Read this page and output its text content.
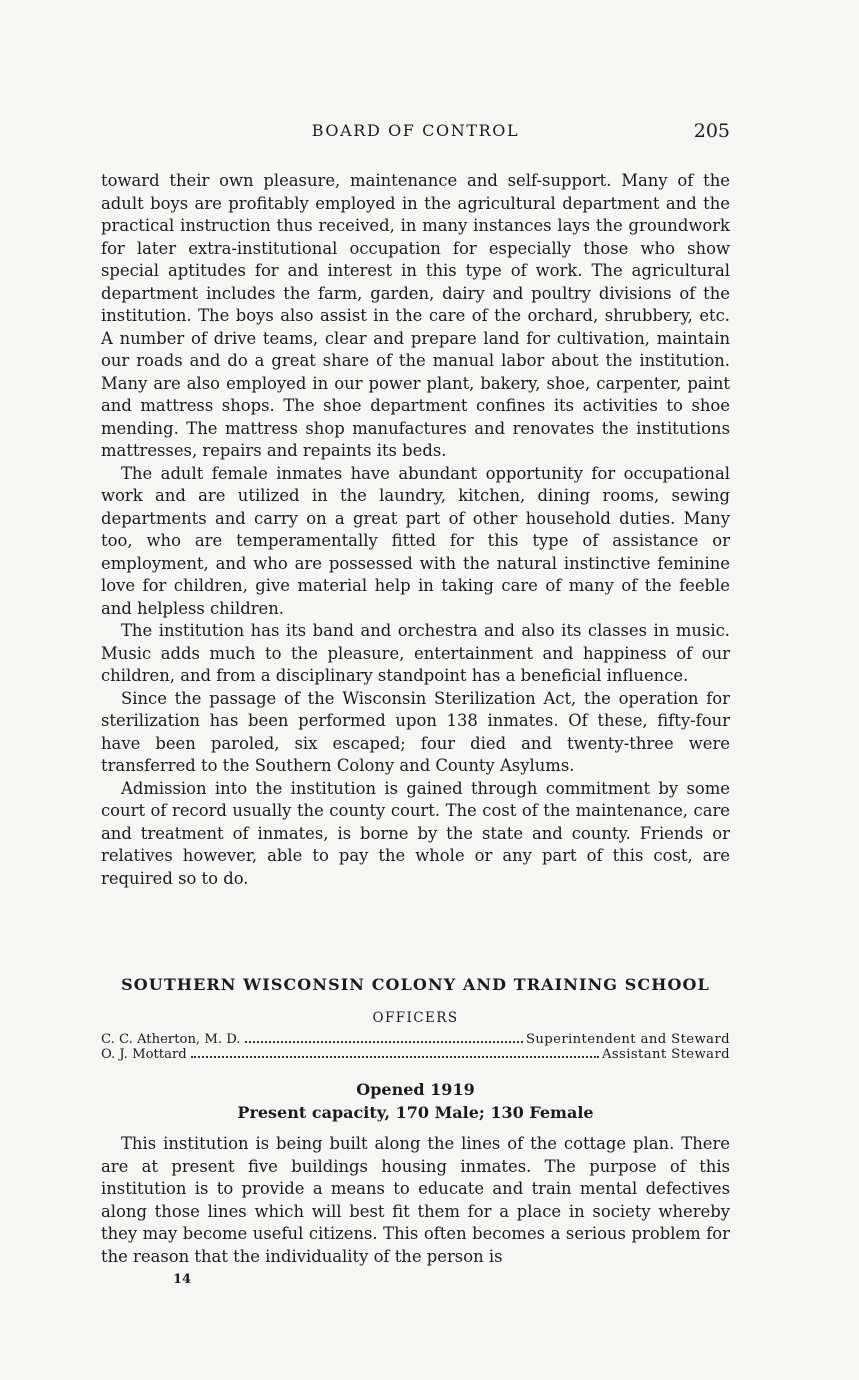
BOARD OF CONTROL	205

toward their own pleasure, maintenance and self-support. Many of the adult boys are profitably employed in the agricultural department and the practical instruction thus received, in many instances lays the groundwork for later extra-institutional occupation for especially those who show special aptitudes for and interest in this type of work. The agricultural department includes the farm, garden, dairy and poultry divisions of the institution. The boys also assist in the care of the orchard, shrubbery, etc. A number of drive teams, clear and prepare land for cultivation, maintain our roads and do a great share of the manual labor about the institution. Many are also employed in our power plant, bakery, shoe, carpenter, paint and mattress shops. The shoe department confines its activities to shoe mending. The mattress shop manufactures and renovates the institutions mattresses, repairs and repaints its beds.

The adult female inmates have abundant opportunity for occupational work and are utilized in the laundry, kitchen, dining rooms, sewing departments and carry on a great part of other household duties. Many too, who are temperamentally fitted for this type of assistance or employment, and who are possessed with the natural instinctive feminine love for children, give material help in taking care of many of the feeble and helpless children.

The institution has its band and orchestra and also its classes in music. Music adds much to the pleasure, entertainment and happiness of our children, and from a disciplinary standpoint has a beneficial influence.

Since the passage of the Wisconsin Sterilization Act, the operation for sterilization has been performed upon 138 inmates. Of these, fifty-four have been paroled, six escaped; four died and twenty-three were transferred to the Southern Colony and County Asylums.

Admission into the institution is gained through commitment by some court of record usually the county court. The cost of the maintenance, care and treatment of inmates, is borne by the state and county. Friends or relatives however, able to pay the whole or any part of this cost, are required so to do.

SOUTHERN WISCONSIN COLONY AND TRAINING SCHOOL
OFFICERS
C. C. Atherton, M. D.	Superintendent and Steward
O. J. Mottard	Assistant Steward
Opened 1919
Present capacity, 170 Male; 130 Female

This institution is being built along the lines of the cottage plan. There are at present five buildings housing inmates. The purpose of this institution is to provide a means to educate and train mental defectives along those lines which will best fit them for a place in society whereby they may become useful citizens. This often becomes a serious problem for the reason that the individuality of the person is

14
